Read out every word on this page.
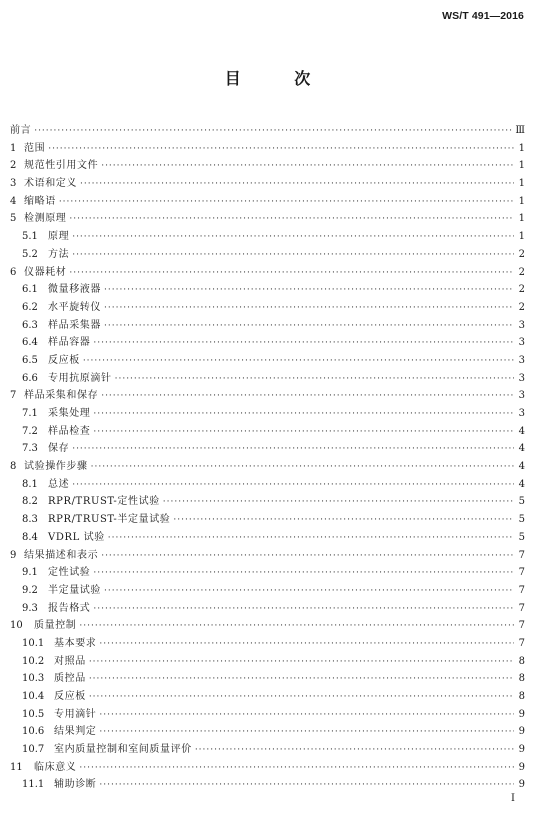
WS/T 491—2016
目 次
前言 ·····	Ⅲ
1 范围 ·····	1
2 规范性引用文件 ·····	1
3 术语和定义 ·····	1
4 缩略语 ·····	1
5 检测原理 ·····	1
5.1	原理 ·····	1
5.2	方法 ·····	2
6 仪器耗材 ·····	2
6.1	微量移液器 ·····	2
6.2	水平旋转仪 ·····	2
6.3	样品采集器 ·····	3
6.4	样品容器 ·····	3
6.5	反应板 ·····	3
6.6	专用抗原滴针 ·····	3
7 样品采集和保存 ·····	3
7.1	采集处理 ·····	3
7.2	样品检查 ·····	4
7.3	保存 ·····	4
8 试验操作步骤 ·····	4
8.1	总述 ·····	4
8.2	RPR/TRUST-定性试验 ·····	5
8.3	RPR/TRUST-半定量试验 ·····	5
8.4	VDRL 试验 ·····	5
9 结果描述和表示 ·····	7
9.1	定性试验 ·····	7
9.2	半定量试验 ·····	7
9.3	报告格式 ·····	7
10	质量控制 ·····	7
10.1 基本要求 ·····	7
10.2 对照品 ·····	8
10.3 质控品 ·····	8
10.4 反应板 ·····	8
10.5 专用滴针 ·····	9
10.6 结果判定 ·····	9
10.7 室内质量控制和室间质量评价 ·····	9
11	临床意义 ·····	9
11.1 辅助诊断 ·····	9
I
